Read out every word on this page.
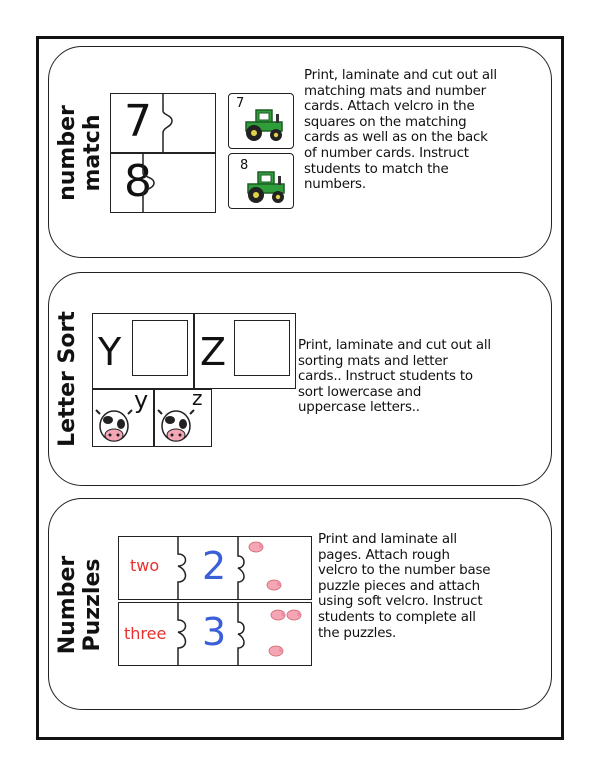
number match 7
8
7
8
Print, laminate and cut out all
matching mats and number
cards. Attach velcro in the
squares on the matching
cards as well as on the back
of number cards. Instruct
students to match the
numbers.
Letter Sort Y Z
y z
Print, laminate and cut out all
sorting mats and letter
cards.. Instruct students to
sort lowercase and
uppercase letters..
Number Puzzles two 2
three 3
Print and laminate all
pages. Attach rough
velcro to the number base
puzzle pieces and attach
using soft velcro. Instruct
students to complete all
the puzzles.
